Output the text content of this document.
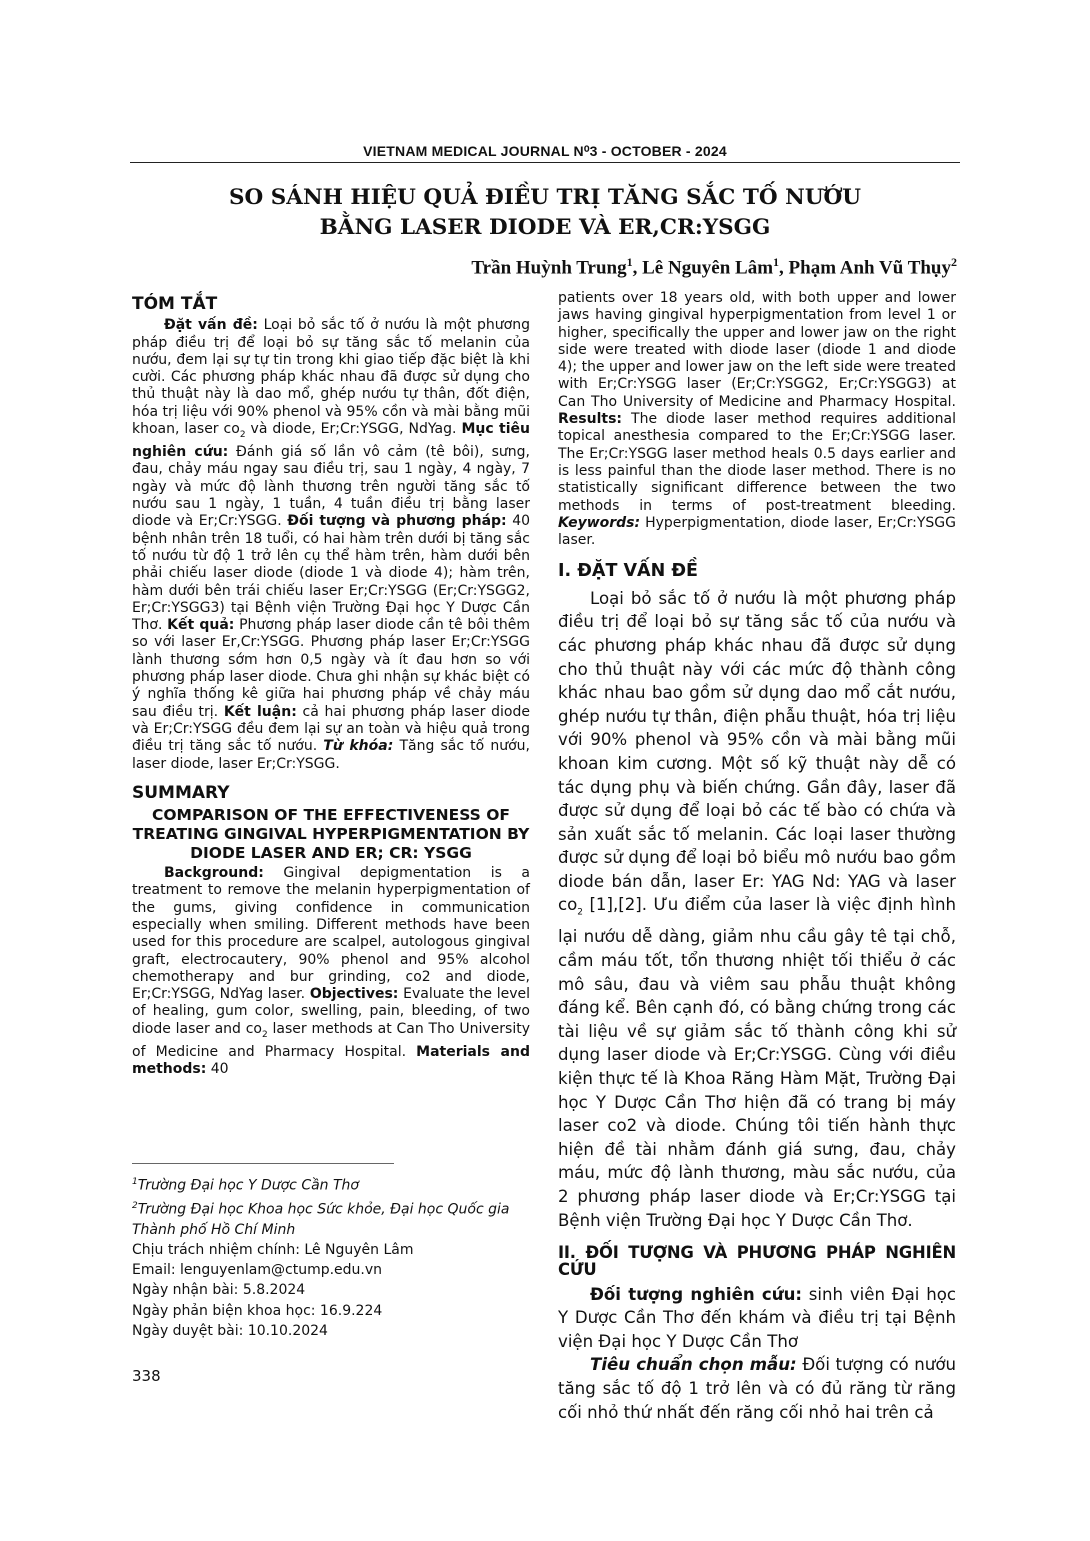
VIETNAM MEDICAL JOURNAL N⁰3 - OCTOBER - 2024
SO SÁNH HIỆU QUẢ ĐIỀU TRỊ TĂNG SẮC TỐ NƯỚU
BẰNG LASER DIODE VÀ ER,CR:YSGG
Trần Huỳnh Trung$^1$, Lê Nguyên Lâm$^1$, Phạm Anh Vũ Thụy$^2$
TÓM TẮT

Đặt vấn đề: Loại bỏ sắc tố ở nướu là một phương pháp điều trị để loại bỏ sự tăng sắc tố melanin của nướu, đem lại sự tự tin trong khi giao tiếp đặc biệt là khi cười. Các phương pháp khác nhau đã được sử dụng cho thủ thuật này là dao mổ, ghép nướu tự thân, đốt điện, hóa trị liệu với 90% phenol và 95% cồn và mài bằng mũi khoan, laser $co_2$ và diode, Er;Cr:YSGG, NdYag. Mục tiêu nghiên cứu: Đánh giá số lần vô cảm (tê bôi), sưng, đau, chảy máu ngay sau điều trị, sau 1 ngày, 4 ngày, 7 ngày và mức độ lành thương trên người tăng sắc tố nướu sau 1 ngày, 1 tuần, 4 tuần điều trị bằng laser diode và Er;Cr:YSGG. Đối tượng và phương pháp: 40 bệnh nhân trên 18 tuổi, có hai hàm trên dưới bị tăng sắc tố nướu từ độ 1 trở lên cụ thể hàm trên, hàm dưới bên phải chiếu laser diode (diode 1 và diode 4); hàm trên, hàm dưới bên trái chiếu laser Er;Cr:YSGG (Er;Cr:YSGG2, Er;Cr:YSGG3) tại Bệnh viện Trường Đại học Y Dược Cần Thơ. Kết quả: Phương pháp laser diode cần tê bôi thêm so với laser Er,Cr:YSGG. Phương pháp laser Er;Cr:YSGG lành thương sớm hơn 0,5 ngày và ít đau hơn so với phương pháp laser diode. Chưa ghi nhận sự khác biệt có ý nghĩa thống kê giữa hai phương pháp về chảy máu sau điều trị. Kết luận: cả hai phương pháp laser diode và Er;Cr:YSGG đều đem lại sự an toàn và hiệu quả trong điều trị tăng sắc tố nướu. Từ khóa: Tăng sắc tố nướu, laser diode, laser Er;Cr:YSGG.

SUMMARY
COMPARISON OF THE EFFECTIVENESS OF TREATING GINGIVAL HYPERPIGMENTATION BY DIODE LASER AND ER; CR: YSGG

Background: Gingival depigmentation is a treatment to remove the melanin hyperpigmentation of the gums, giving confidence in communication especially when smiling. Different methods have been used for this procedure are scalpel, autologous gingival graft, electrocautery, 90% phenol and 95% alcohol chemotherapy and bur grinding, co2 and diode, Er;Cr:YSGG, NdYag laser. Objectives: Evaluate the level of healing, gum color, swelling, pain, bleeding, of two diode laser and $co_2$ laser methods at Can Tho University of Medicine and Pharmacy Hospital. Materials and methods: 40

$^1$Trường Đại học Y Dược Cần Thơ
$^2$Trường Đại học Khoa học Sức khỏe, Đại học Quốc gia Thành phố Hồ Chí Minh
Chịu trách nhiệm chính: Lê Nguyên Lâm
Email: lenguyenlam@ctump.edu.vn
Ngày nhận bài: 5.8.2024
Ngày phản biện khoa học: 16.9.224
Ngày duyệt bài: 10.10.2024
338

patients over 18 years old, with both upper and lower jaws having gingival hyperpigmentation from level 1 or higher, specifically the upper and lower jaw on the right side were treated with diode laser (diode 1 and diode 4); the upper and lower jaw on the left side were treated with Er;Cr:YSGG laser (Er;Cr:YSGG2, Er;Cr:YSGG3) at Can Tho University of Medicine and Pharmacy Hospital. Results: The diode laser method requires additional topical anesthesia compared to the Er;Cr:YSGG laser. The Er;Cr:YSGG laser method heals 0.5 days earlier and is less painful than the diode laser method. There is no statistically significant difference between the two methods in terms of post-treatment bleeding. Keywords: Hyperpigmentation, diode laser, Er;Cr:YSGG laser.

I. ĐẶT VẤN ĐỀ

Loại bỏ sắc tố ở nướu là một phương pháp điều trị để loại bỏ sự tăng sắc tố của nướu và các phương pháp khác nhau đã được sử dụng cho thủ thuật này với các mức độ thành công khác nhau bao gồm sử dụng dao mổ cắt nướu, ghép nướu tự thân, điện phẫu thuật, hóa trị liệu với 90% phenol và 95% cồn và mài bằng mũi khoan kim cương. Một số kỹ thuật này dễ có tác dụng phụ và biến chứng. Gần đây, laser đã được sử dụng để loại bỏ các tế bào có chứa và sản xuất sắc tố melanin. Các loại laser thường được sử dụng để loại bỏ biểu mô nướu bao gồm diode bán dẫn, laser Er: YAG Nd: YAG và laser $co_2$ [1],[2]. Ưu điểm của laser là việc định hình lại nướu dễ dàng, giảm nhu cầu gây tê tại chỗ, cầm máu tốt, tổn thương nhiệt tối thiểu ở các mô sâu, đau và viêm sau phẫu thuật không đáng kể. Bên cạnh đó, có bằng chứng trong các tài liệu về sự giảm sắc tố thành công khi sử dụng laser diode và Er;Cr:YSGG. Cùng với điều kiện thực tế là Khoa Răng Hàm Mặt, Trường Đại học Y Dược Cần Thơ hiện đã có trang bị máy laser co2 và diode. Chúng tôi tiến hành thực hiện đề tài nhằm đánh giá sưng, đau, chảy máu, mức độ lành thương, màu sắc nướu, của 2 phương pháp laser diode và Er;Cr:YSGG tại Bệnh viện Trường Đại học Y Dược Cần Thơ.

II. ĐỐI TƯỢNG VÀ PHƯƠNG PHÁP NGHIÊN CỨU

Đối tượng nghiên cứu: sinh viên Đại học Y Dược Cần Thơ đến khám và điều trị tại Bệnh viện Đại học Y Dược Cần Thơ

Tiêu chuẩn chọn mẫu: Đối tượng có nướu tăng sắc tố độ 1 trở lên và có đủ răng từ răng cối nhỏ thứ nhất đến răng cối nhỏ hai trên cả
